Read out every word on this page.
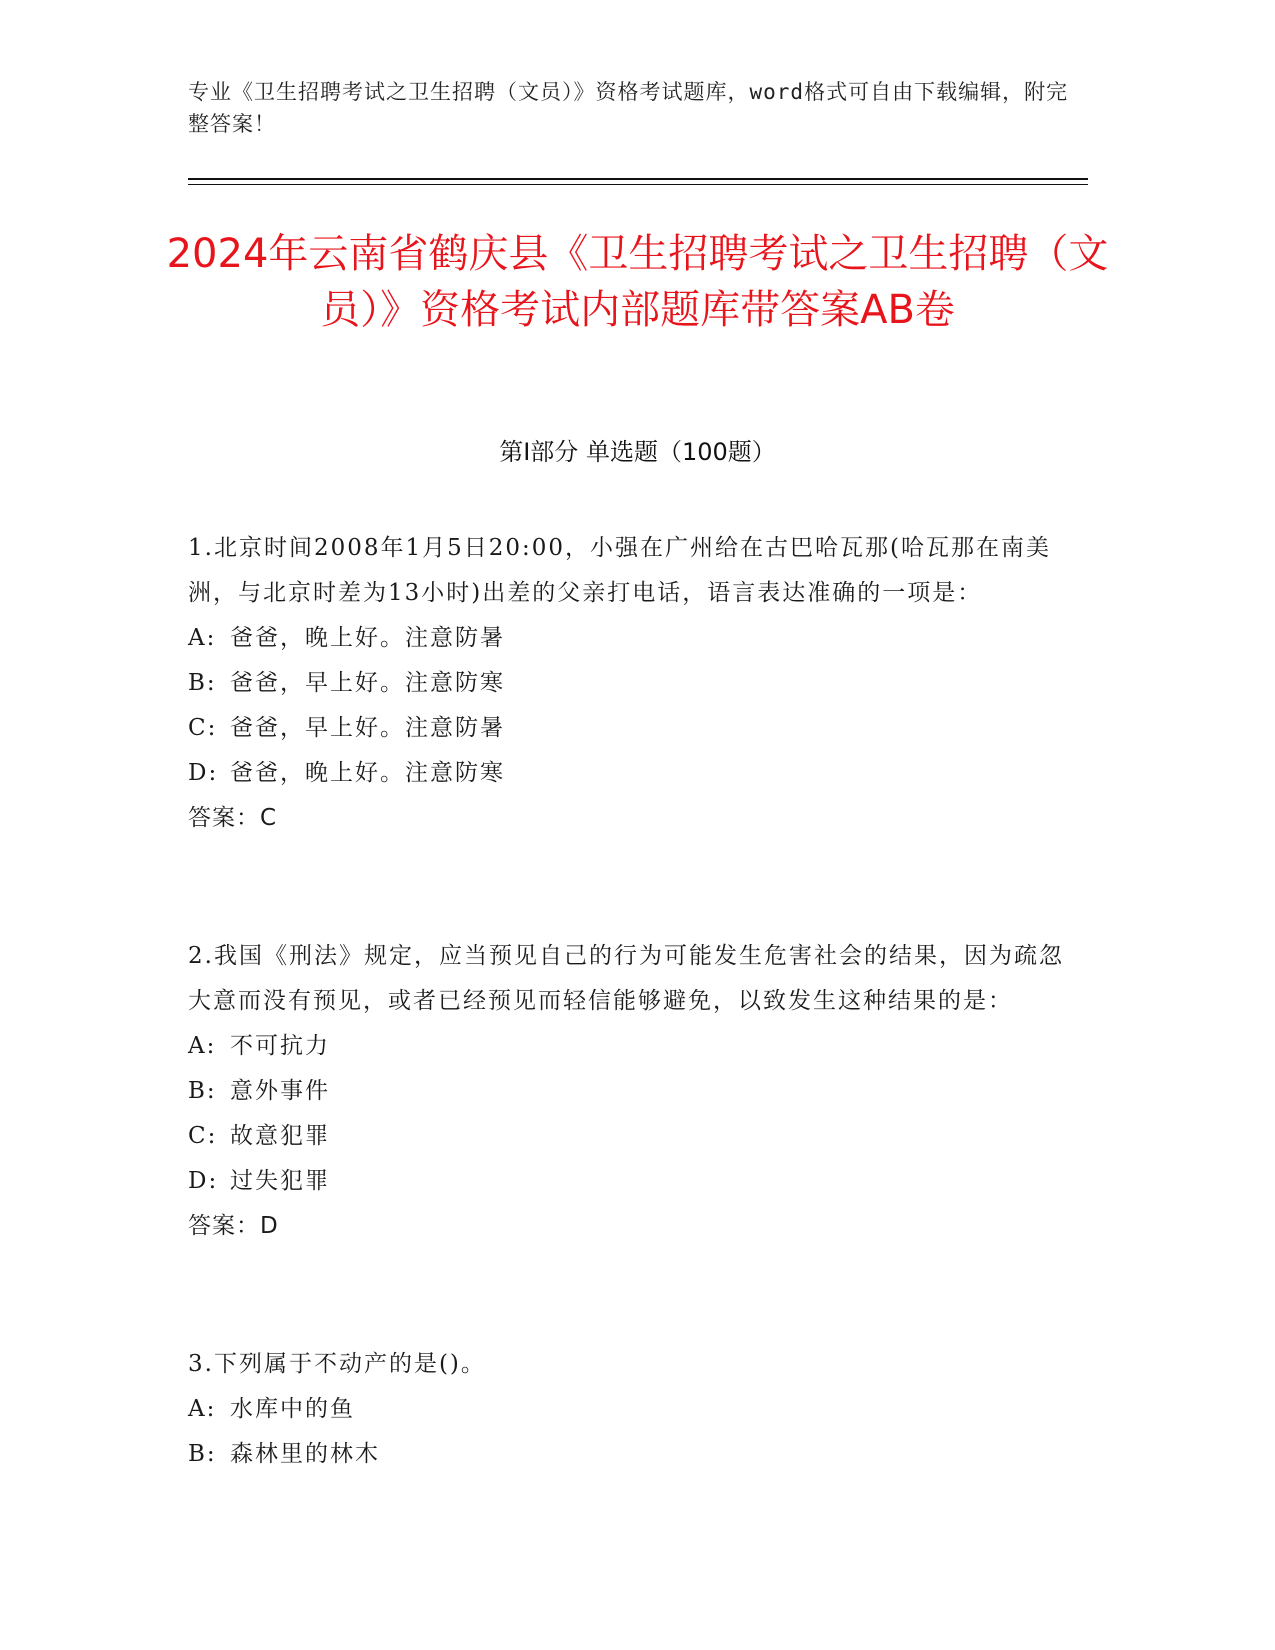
专业《卫生招聘考试之卫生招聘（文员）》资格考试题库，word格式可自由下载编辑，附完整答案！
2024年云南省鹤庆县《卫生招聘考试之卫生招聘（文员）》资格考试内部题库带答案AB卷
第I部分 单选题（100题）

1.北京时间2008年1月5日20:00，小强在广州给在古巴哈瓦那(哈瓦那在南美洲，与北京时差为13小时)出差的父亲打电话，语言表达准确的一项是：

A: 爸爸，晚上好。注意防暑

B: 爸爸，早上好。注意防寒

C: 爸爸，早上好。注意防暑

D: 爸爸，晚上好。注意防寒

答案：C

2.我国《刑法》规定，应当预见自己的行为可能发生危害社会的结果，因为疏忽大意而没有预见，或者已经预见而轻信能够避免，以致发生这种结果的是：

A: 不可抗力

B: 意外事件

C: 故意犯罪

D: 过失犯罪

答案：D

3.下列属于不动产的是()。

A: 水库中的鱼

B: 森林里的林木
